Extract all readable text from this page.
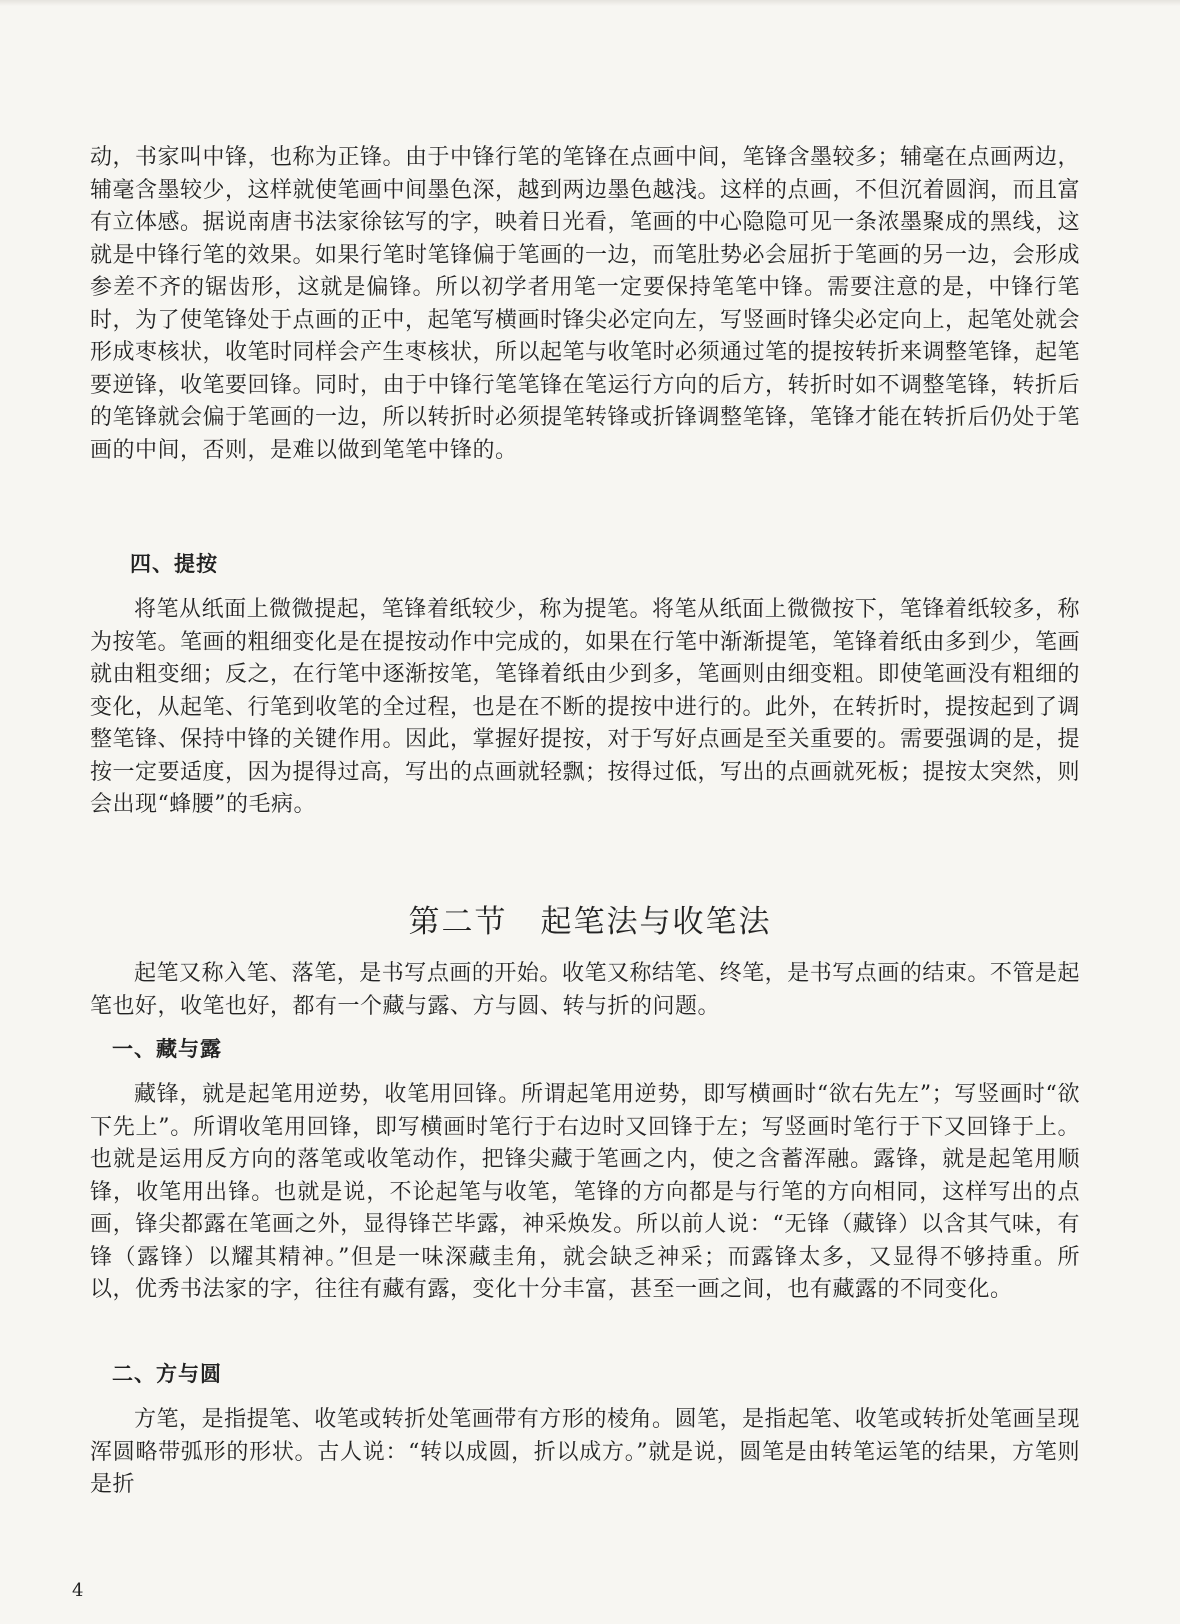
动，书家叫中锋，也称为正锋。由于中锋行笔的笔锋在点画中间，笔锋含墨较多；辅毫在点画两边，辅毫含墨较少，这样就使笔画中间墨色深，越到两边墨色越浅。这样的点画，不但沉着圆润，而且富有立体感。据说南唐书法家徐铉写的字，映着日光看，笔画的中心隐隐可见一条浓墨聚成的黑线，这就是中锋行笔的效果。如果行笔时笔锋偏于笔画的一边，而笔肚势必会屈折于笔画的另一边，会形成参差不齐的锯齿形，这就是偏锋。所以初学者用笔一定要保持笔笔中锋。需要注意的是，中锋行笔时，为了使笔锋处于点画的正中，起笔写横画时锋尖必定向左，写竖画时锋尖必定向上，起笔处就会形成枣核状，收笔时同样会产生枣核状，所以起笔与收笔时必须通过笔的提按转折来调整笔锋，起笔要逆锋，收笔要回锋。同时，由于中锋行笔笔锋在笔运行方向的后方，转折时如不调整笔锋，转折后的笔锋就会偏于笔画的一边，所以转折时必须提笔转锋或折锋调整笔锋，笔锋才能在转折后仍处于笔画的中间，否则，是难以做到笔笔中锋的。

四、提按

将笔从纸面上微微提起，笔锋着纸较少，称为提笔。将笔从纸面上微微按下，笔锋着纸较多，称为按笔。笔画的粗细变化是在提按动作中完成的，如果在行笔中渐渐提笔，笔锋着纸由多到少，笔画就由粗变细；反之，在行笔中逐渐按笔，笔锋着纸由少到多，笔画则由细变粗。即使笔画没有粗细的变化，从起笔、行笔到收笔的全过程，也是在不断的提按中进行的。此外，在转折时，提按起到了调整笔锋、保持中锋的关键作用。因此，掌握好提按，对于写好点画是至关重要的。需要强调的是，提按一定要适度，因为提得过高，写出的点画就轻飘；按得过低，写出的点画就死板；提按太突然，则会出现“蜂腰”的毛病。

第二节　起笔法与收笔法

起笔又称入笔、落笔，是书写点画的开始。收笔又称结笔、终笔，是书写点画的结束。不管是起笔也好，收笔也好，都有一个藏与露、方与圆、转与折的问题。

一、藏与露

藏锋，就是起笔用逆势，收笔用回锋。所谓起笔用逆势，即写横画时“欲右先左”；写竖画时“欲下先上”。所谓收笔用回锋，即写横画时笔行于右边时又回锋于左；写竖画时笔行于下又回锋于上。也就是运用反方向的落笔或收笔动作，把锋尖藏于笔画之内，使之含蓄浑融。露锋，就是起笔用顺锋，收笔用出锋。也就是说，不论起笔与收笔，笔锋的方向都是与行笔的方向相同，这样写出的点画，锋尖都露在笔画之外，显得锋芒毕露，神采焕发。所以前人说：“无锋（藏锋）以含其气味，有锋（露锋）以耀其精神。”但是一味深藏圭角，就会缺乏神采；而露锋太多，又显得不够持重。所以，优秀书法家的字，往往有藏有露，变化十分丰富，甚至一画之间，也有藏露的不同变化。

二、方与圆

方笔，是指提笔、收笔或转折处笔画带有方形的棱角。圆笔，是指起笔、收笔或转折处笔画呈现浑圆略带弧形的形状。古人说：“转以成圆，折以成方。”就是说，圆笔是由转笔运笔的结果，方笔则是折

4
